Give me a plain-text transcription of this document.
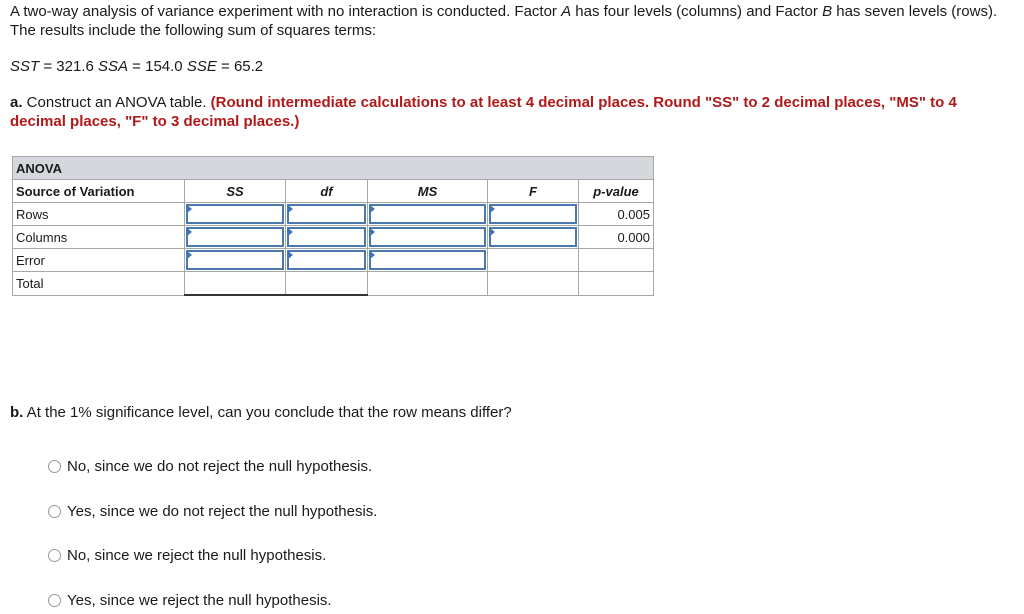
A two-way analysis of variance experiment with no interaction is conducted. Factor A has four levels (columns) and Factor B has seven levels (rows). The results include the following sum of squares terms:
SST = 321.6 SSA = 154.0 SSE = 65.2
a. Construct an ANOVA table. (Round intermediate calculations to at least 4 decimal places. Round "SS" to 2 decimal places, "MS" to 4 decimal places, "F" to 3 decimal places.)
ANOVA					
Source of Variation	SS	df	MS	F	p-value
Rows					0.005
Columns					0.000
Error	

Total					
b. At the 1% significance level, can you conclude that the row means differ?
No, since we do not reject the null hypothesis.
Yes, since we do not reject the null hypothesis.
No, since we reject the null hypothesis.
Yes, since we reject the null hypothesis.
